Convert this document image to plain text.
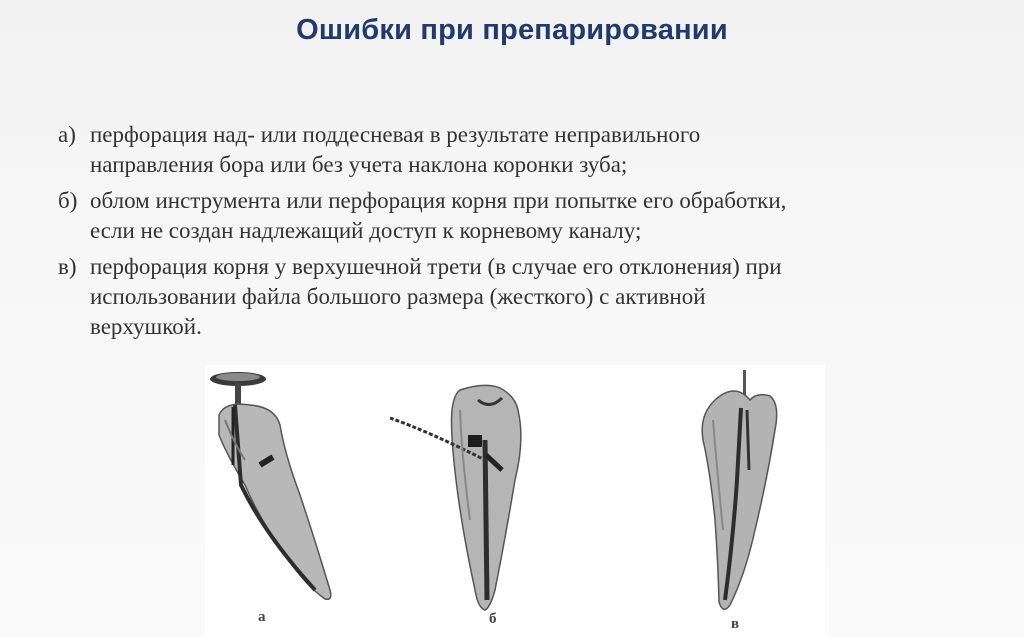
Ошибки при препарировании
а) перфорация над- или поддесневая в результате неправильного
направления бора или без учета наклона коронки зуба;
б) облом инструмента или перфорация корня при попытке его обработки,
если не создан надлежащий доступ к корневому каналу;
в) перфорация корня у верхушечной трети (в случае его отклонения) при
использовании файла большого размера (жесткого) с активной
верхушкой.
а	б	в
